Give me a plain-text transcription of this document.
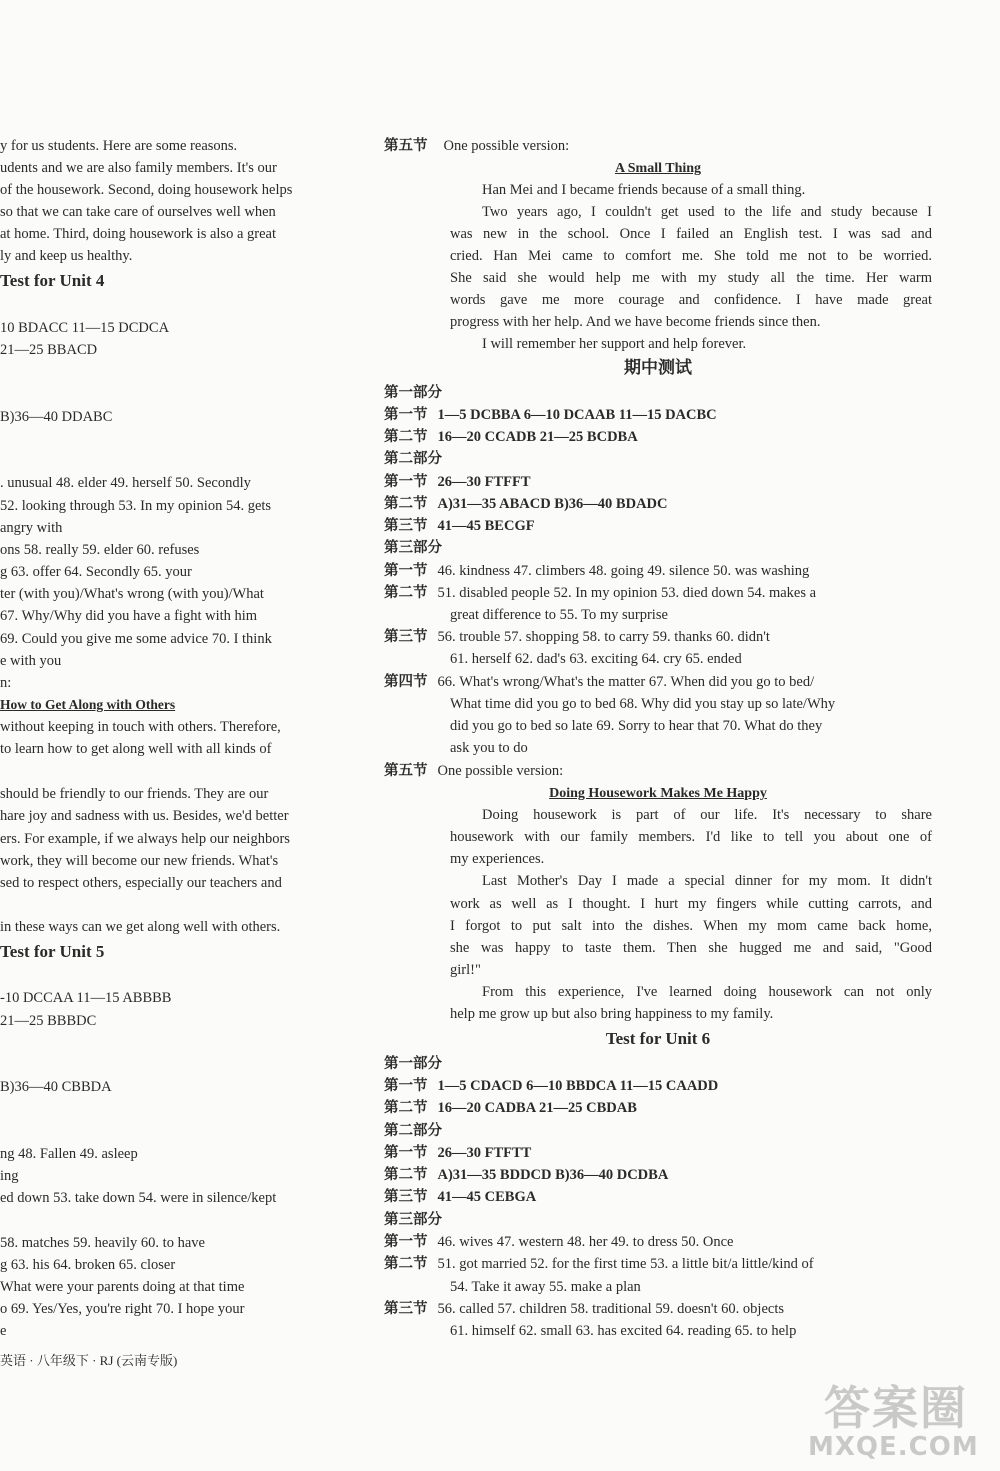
y for us students. Here are some reasons.
udents and we are also family members. It's our
of the housework. Second, doing housework helps
so that we can take care of ourselves well when
at home. Third, doing housework is also a great
ly and keep us healthy.
Test for Unit 4
10 BDACC 11—15 DCDCA
21—25 BBACD
B)36—40 DDABC
. unusual 48. elder 49. herself 50. Secondly
52. looking through 53. In my opinion 54. gets
angry with
ons 58. really 59. elder 60. refuses
g 63. offer 64. Secondly 65. your
ter (with you)/What's wrong (with you)/What
67. Why/Why did you have a fight with him
69. Could you give me some advice 70. I think
e with you
n:
How to Get Along with Others
without keeping in touch with others. Therefore,
to learn how to get along well with all kinds of
should be friendly to our friends. They are our
hare joy and sadness with us. Besides, we'd better
ers. For example, if we always help our neighbors
work, they will become our new friends. What's
sed to respect others, especially our teachers and
in these ways can we get along well with others.
Test for Unit 5
-10 DCCAA 11—15 ABBBB
21—25 BBBDC
B)36—40 CBBDA
ng 48. Fallen 49. asleep
ing
ed down 53. take down 54. were in silence/kept
58. matches 59. heavily 60. to have
g 63. his 64. broken 65. closer
What were your parents doing at that time
o 69. Yes/Yes, you're right 70. I hope your
e
英语 · 八年级下 · RJ (云南专版)
第五节 One possible version:
A Small Thing
Han Mei and I became friends because of a small thing.
Two years ago, I couldn't get used to the life and study because I
was new in the school. Once I failed an English test. I was sad and
cried. Han Mei came to comfort me. She told me not to be worried.
She said she would help me with my study all the time. Her warm
words gave me more courage and confidence. I have made great
progress with her help. And we have become friends since then.
I will remember her support and help forever.
期中测试
第一部分
第一节 1—5 DCBBA 6—10 DCAAB 11—15 DACBC
第二节 16—20 CCADB 21—25 BCDBA
第二部分
第一节 26—30 FTFFT
第二节 A)31—35 ABACD B)36—40 BDADC
第三节 41—45 BECGF
第三部分
第一节 46. kindness 47. climbers 48. going 49. silence 50. was washing
第二节 51. disabled people 52. In my opinion 53. died down 54. makes a
great difference to 55. To my surprise
第三节 56. trouble 57. shopping 58. to carry 59. thanks 60. didn't
61. herself 62. dad's 63. exciting 64. cry 65. ended
第四节 66. What's wrong/What's the matter 67. When did you go to bed/
What time did you go to bed 68. Why did you stay up so late/Why
did you go to bed so late 69. Sorry to hear that 70. What do they
ask you to do
第五节 One possible version:
Doing Housework Makes Me Happy
Doing housework is part of our life. It's necessary to share
housework with our family members. I'd like to tell you about one of
my experiences.
Last Mother's Day I made a special dinner for my mom. It didn't
work as well as I thought. I hurt my fingers while cutting carrots, and
I forgot to put salt into the dishes. When my mom came back home,
she was happy to taste them. Then she hugged me and said, "Good
girl!"
From this experience, I've learned doing housework can not only
help me grow up but also bring happiness to my family.
Test for Unit 6
第一部分
第一节 1—5 CDACD 6—10 BBDCA 11—15 CAADD
第二节 16—20 CADBA 21—25 CBDAB
第二部分
第一节 26—30 FTFTT
第二节 A)31—35 BDDCD B)36—40 DCDBA
第三节 41—45 CEBGA
第三部分
第一节 46. wives 47. western 48. her 49. to dress 50. Once
第二节 51. got married 52. for the first time 53. a little bit/a little/kind of
54. Take it away 55. make a plan
第三节 56. called 57. children 58. traditional 59. doesn't 60. objects
61. himself 62. small 63. has excited 64. reading 65. to help
答案圈
MXQE.COM
